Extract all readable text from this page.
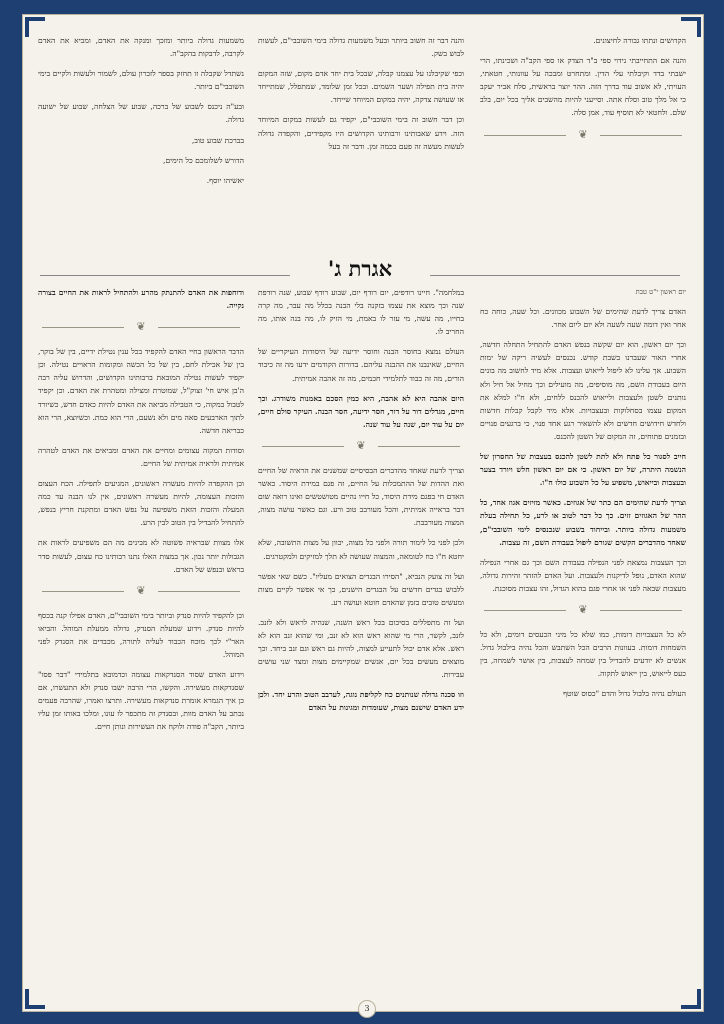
הקדושים ונתתו גבורה לחיצונים.

והנה אם התחייבתי נידוי ספי ב"ד הצדק או ספי הקב"ה ושכינתו, הרי ישבתי בדד וקיבלתי עלי הדין. ומתחרט ומבכה על עוונותי, חטאתי, העויתי, לא אשוב עוד בדרך הזה. ההר יוצר בראשית, סלח אביר יעקב כי אל מלך טוב וסלח אתה. וסייעני להיות מהשבים אליך בכל יום, בלב שלם. ולחטאי לא תוסיף עוד, אמן סלה.

❦

והנה דבר זה חשוב ביותר ובעל משמעות גדולה בימי השובבי"ם, לעשות לבוש בשק.

וכפי שקיבלנו על עצמנו קבלה, שבכל בית יחד אדם מקום, שזה המקום יהיה בית תפילה ושער השמים. ובכל זמן שלומד, שמתפלל, שמתייחד או שעושה צדקה, יהיה במקום המיוחד שייחד.

וכן דבר חשוב זה בימי השובבי"ם, יקפיד גם לעשות במקום המיוחד הזה. וידע שאבותינו ורבותינו הקדושים היו מקפידים, והקפדה גדולה לעשות מעשה זה פעם בכמה זמן. ודבר זה בעל

משמעות גדולה ביותר ומזכך ומנקה את האדם, ומביא את האדם לקרבה, לדבקות בהקב"ה.

נשתדל שקבלה זו תחזק בספר לזכרון עולם, לשמור ולעשות ולקיים בימי השובבי"ם ביותר.

ובע"ה ניכנס לשבוע של ברכה, שבוע של הצלחה, שבוע של ישועה גדולה.

בברכת שבוע טוב,

הדורש לשלומכם כל הימים,

יאשיהו יוסף.

אגרת ג'
יום ראשון י"ט טבת

האדם צריך לדעת שהימים של השבוע מכוונים. וכל שעה, כוחה כח אחר ואין דומה שעה לשעה ולא יום ליום אחר.

וכך יום ראשון, הוא יום שקשה בנפש האדם להתחיל התחלה חדשה, אחרי האור שעברנו בשבת קודש. נכנסים לעשיה ריקה של ימות השבוע. אך עלינו לא ליפול לייאוש ועצבות. אלא מיד לחשוב מה בונים היום בעבודת השם, מה מוסיפים, מה מועילים וכך מחיל אל חיל ולא נותנים לשטן ולעצבות ולייאוש להכנס ללחים, ולא ח"ו למלא את המקום עצמו בסחלוקות ובעצבויות. אלא מיד לקבל קבלות חדשות ולחדש חידושים חדשים ולא להשאיר רגע אחד פנוי, כי ברגעים פנויים ובזמנים פתוחים, זה המקום של השטן להכנס.

חייב לסגור כל פתח ולא לתת לשטן להכנס בעצבות של החסרון של הנשמה היתרה, של יום ראשון. כי אם יום ראשון חלש ויורד בצער ובעצבות ובייאוש, משפיע על כל השבוע כולו ח"ו.

וצריך לדעת שהימים הם כתר של אגוזים. כאשר מזיזים אגוז אחד, כל ההר של האגוזים זזים. כך כל דבר לטוב או לרע, כל תחילה בעלת משמעות גדולה ביותר. ובייחוד בשבוע שנכנסים לימי השובבי"ם, שאחד מהדברים הקשים שגורם ליפול בעבודת השם, זה עצבות.

וכך העצבות נמצאת לפני הנפילה בעבודת השם וכך גם אחרי הנפילה שהוא האדם, נופל לדיקנות ולעצבות. ועל האדם להזהר זהירות גדולה, מעצבות שבאה לפני או אחרי פגם בהוא הגדול, זהו עצבות מסוכנת.

❦

לא כל העצבויות דומות, כמו שלא כל מיני הכעסים דומים, ולא כל השמחות דומות. בעוונות הרבים הכל השתבש והכל נהיה בילבול גדול. אנשים לא יודעים להבדיל בין שמחה לעצבות, בין אושר לשמחה, בין כעס לייאוש, בין ייאוש לתקוה.

העולם נהיה בלבול גדול והדם "כסוס שוטף

במלחמה". חיינו רודפים, יום רודף יום, שבוע רודף שבוע, שנה רודפת שנה וכך מוצא את עצמו בזקנה בלי הבנה בכלל מה עבר, מה קרה בחייו, מה עשה, מי עזר לו באמת, מי הזיק לו, מה בנה אותו, מה החריב לו.

העולם נמצא בחוסר הבנה וחוסר ידיעה של היסודות העיקריים של החיים, שאינבנו את ההבנה עליהם. בדורות הקודמים ידעו מה זה כיבוד הורים, מה זה כבוד לתלמידי חכמים, מה זה אהבה אמיתית.

היום אהבה היא לא אהבה, היא כמין הסכם באמנות משודרג. וכך חיים, מגדלים דור על דור, חסר ידיעה, חסר הבנה. העיקר סולם חיים, יום על עוד יום, שנה על עוד שנה.

❦

וצריך לדעת שאחד מהדברים הבסיסיים שמשנים את הראיה של החיים ואת ההדות של ההתמכלות על החיים, זה פגם במידת היסוד. כאשר האדם חי בפגם מידת היסוד, כל חייו נהיים מטושטשים ואינו רואה שום דבר בראייה אמיתית, והכל מעורבב טוב ורע. וגם כאשר עושה מצוה, המצוה מעורבבת.

ולכן לפני כל לימוד תורה ולפני כל מצוה, יכוון על מצות התשובה, שלא יחטא ח"ו כח לטומאה, והמצוה שעושה לא תלך למזיקים ולמקטרגים.

ועל זה צועק הנביא, "הסירו הבגדים הצואים מעליו". כשם שאי אפשר ללבוש בגדים חדשים על הבגדים הישנים, כך אי אפשר לקיים מצות ומעשים טובים בזמן שהאדם חוטא ועושה רע.

ועל זה מתפללים בסיכום בכל ראש השנה, שנהיה לראש ולא לזנב. לזנב, לקשר, הרי מי שהוא ראש הוא לא זנב, ומי שהוא זנב הוא לא ראש. אלא אדם יכול לתעייע למצוה, להיות גם ראש וגם זנב ביחד. וכך מוצאים מעשים בכל יום, אנשים שמקיימים מצות ומצד שני עושים עבירות.

וזו סכנה גדולה שנותנים כח לקליפת נוגה, לערבב הטוב והרע יחד. ולכן ידע האדם שישנם מצות, שעומדות ומגינות על האדם

ודוחפות את האדם להתנתק מהרע ולהתחיל לראות את החיים בצורה נקייה.

❦

הדבר הראשון בחיי האדם להקפיד בכל ענין נטילת ידיים, בין של בוקר, בין של אכילת לחם, בין של כל הכשה ומקומות הראויים נטילה. וכן יקפיד לעשות נטילה המובאת ברבותינו הקדושים, והדרוש עליה רבה ה'בן איש חי' זצוק"ל, שמוטרת ומצילה ומטהרת את האדם. וכן יקפיד לטבול במקוה, כי הטבילה מביאה את האדם להיות כאדם חדש, כשיורד לתוך הארבעים סאה מים ולא נשעם, הרי הוא כמת. וכשיוצא, הרי הוא כבריאה חדשה.

וסודות המקוה עצומים ומחיים את האדם ומביאים את האדם לטהרה אמיתית ולראיה אמיתית של החיים.

וכן ההקפדה להיות מעשרה ראשונים, המגיעים לתפילה. הכח העצום והזכות העצומה, להיות מעשרה ראשונים, אין לנו הבנה עד כמה המעלה והזכות הזאת משפיעה על נפש האדם ומתקנת חריץ בנפש, להתחיל להבדיל בין הטוב לבין הרע.

אלו מצוות שבראיה פשוטה לא מבינים מה הם משפיעים לראות את הגבולות יותר נכון. אך במצות האלו נתנו רבותינו כח עצום, לעשות סדר בראש ובנפש של האדם.

❦

וכן להקפיד להיות סנדק וביותר בימי השובבי"ם, האדם אפילו קנה בכסף להיות סנדק. וידוע שמעלת הסנדק, גדולה ממעלת המוהל. והביאו האר"י לכך מוכח הכבוד לעליה לתורה, מכבדים את הסנדק לפני המוהל.

וידוע האדם שסוד הסנדקאות עצומה וכדמובא בתלמידי "דבר פסו" שסנדקאות מעשירה. והקשו, הרי הרבה ישבו סנדק ולא התעשרו, אם כן איך הגמרא אומרת סנדקאות מעשירה. ותרצו ואמרו, שהרבה פעמים נכתב על האדם מוות, ובסנדק זה מתכפר לו עונו, ומלכו באותו זמן עליו ביותר, הקב"ה פודה ולוקח את העשירות ונותן חיים.

3
